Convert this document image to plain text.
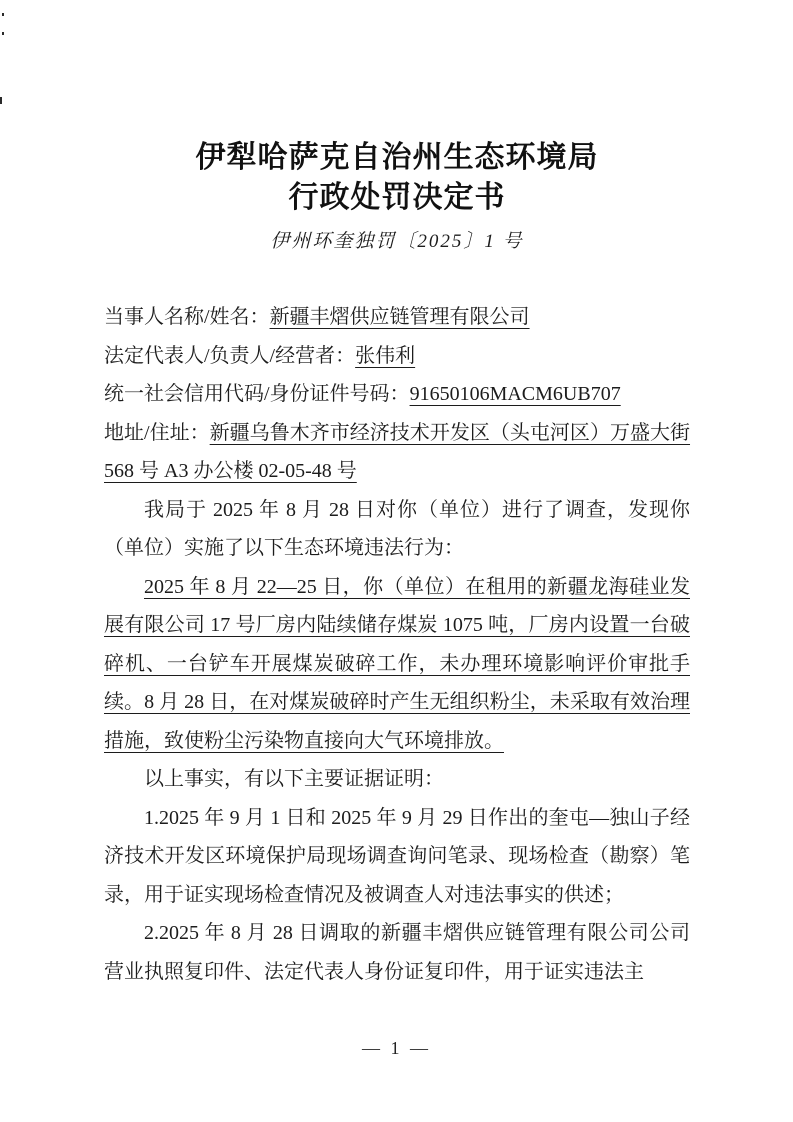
伊犁哈萨克自治州生态环境局
行政处罚决定书
伊州环奎独罚〔2025〕1 号
当事人名称/姓名：新疆丰熠供应链管理有限公司
法定代表人/负责人/经营者：张伟利
统一社会信用代码/身份证件号码：91650106MACM6UB707
地址/住址：新疆乌鲁木齐市经济技术开发区（头屯河区）万盛大街 568 号 A3 办公楼 02-05-48 号

我局于 2025 年 8 月 28 日对你（单位）进行了调查，发现你（单位）实施了以下生态环境违法行为：

2025 年 8 月 22—25 日，你（单位）在租用的新疆龙海硅业发展有限公司 17 号厂房内陆续储存煤炭 1075 吨，厂房内设置一台破碎机、一台铲车开展煤炭破碎工作，未办理环境影响评价审批手续。8 月 28 日，在对煤炭破碎时产生无组织粉尘，未采取有效治理措施，致使粉尘污染物直接向大气环境排放。

以上事实，有以下主要证据证明：

1.2025 年 9 月 1 日和 2025 年 9 月 29 日作出的奎屯—独山子经济技术开发区环境保护局现场调查询问笔录、现场检查（勘察）笔录，用于证实现场检查情况及被调查人对违法事实的供述；

2.2025 年 8 月 28 日调取的新疆丰熠供应链管理有限公司公司营业执照复印件、法定代表人身份证复印件，用于证实违法主

— 1 —
